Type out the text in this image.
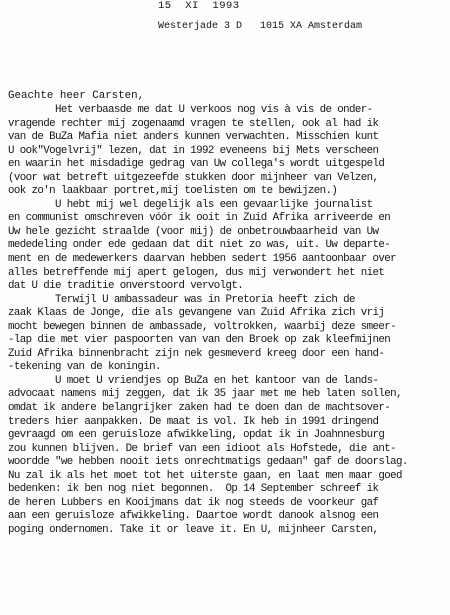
15  XI  1993
Westerjade 3 D   1015 XA Amsterdam
Geachte heer Carsten,
Het verbaasde me dat U verkoos nog vis à vis de onder-
vragende rechter mij zogenaamd vragen te stellen, ook al had ik
van de BuZa Mafia niet anders kunnen verwachten. Misschien kunt
U ook"Vogelvrij" lezen, dat in 1992 eveneens bij Mets verscheen
en waarin het misdadige gedrag van Uw collega's wordt uitgespeld
(voor wat betreft uitgezeefde stukken door mijnheer van Velzen,
ook zo'n laakbaar portret,mij toelisten om te bewijzen.)
U hebt mij wel degelijk als een gevaarlijke journalist
en communist omschreven vóór ik ooit in Zuid Afrika arriveerde en
Uw hele gezicht straalde (voor mij) de onbetrouwbaarheid van Uw
mededeling onder ede gedaan dat dit niet zo was, uit. Uw departe-
ment en de medewerkers daarvan hebben sedert 1956 aantoonbaar over
alles betreffende mij apert gelogen, dus mij verwondert het niet
dat U die traditie onverstoord vervolgt.
Terwijl U ambassadeur was in Pretoria heeft zich de
zaak Klaas de Jonge, die als gevangene van Zuid Afrika zich vrij
mocht bewegen binnen de ambassade, voltrokken, waarbij deze smeer-
-lap die met vier paspoorten van van den Broek op zak kleefmijnen
Zuid Afrika binnenbracht zijn nek gesmeverd kreeg door een hand-
-tekening van de koningin.
U moet U vriendjes op BuZa en het kantoor van de lands-
advocaat namens mij zeggen, dat ik 35 jaar met me heb laten sollen,
omdat ik andere belangrijker zaken had te doen dan de machtsover-
treders hier aanpakken. De maat is vol. Ik heb in 1991 dringend
gevraagd om een geruisloze afwikkeling, opdat ik in Joahnnesburg
zou kunnen blijven. De brief van een idioot als Hofstede, die ant-
woordde "we hebben nooit iets onrechtmatigs gedaan" gaf de doorslag.
Nu zal ik als het moet tot het uiterste gaan, en laat men maar goed
bedenken: ik ben nog niet begonnen.  Op 14 September schreef ik
de heren Lubbers en Kooijmans dat ik nog steeds de voorkeur gaf
aan een geruisloze afwikkeling. Daartoe wordt danook alsnog een
poging ondernomen. Take it or leave it. En U, mijnheer Carsten,
